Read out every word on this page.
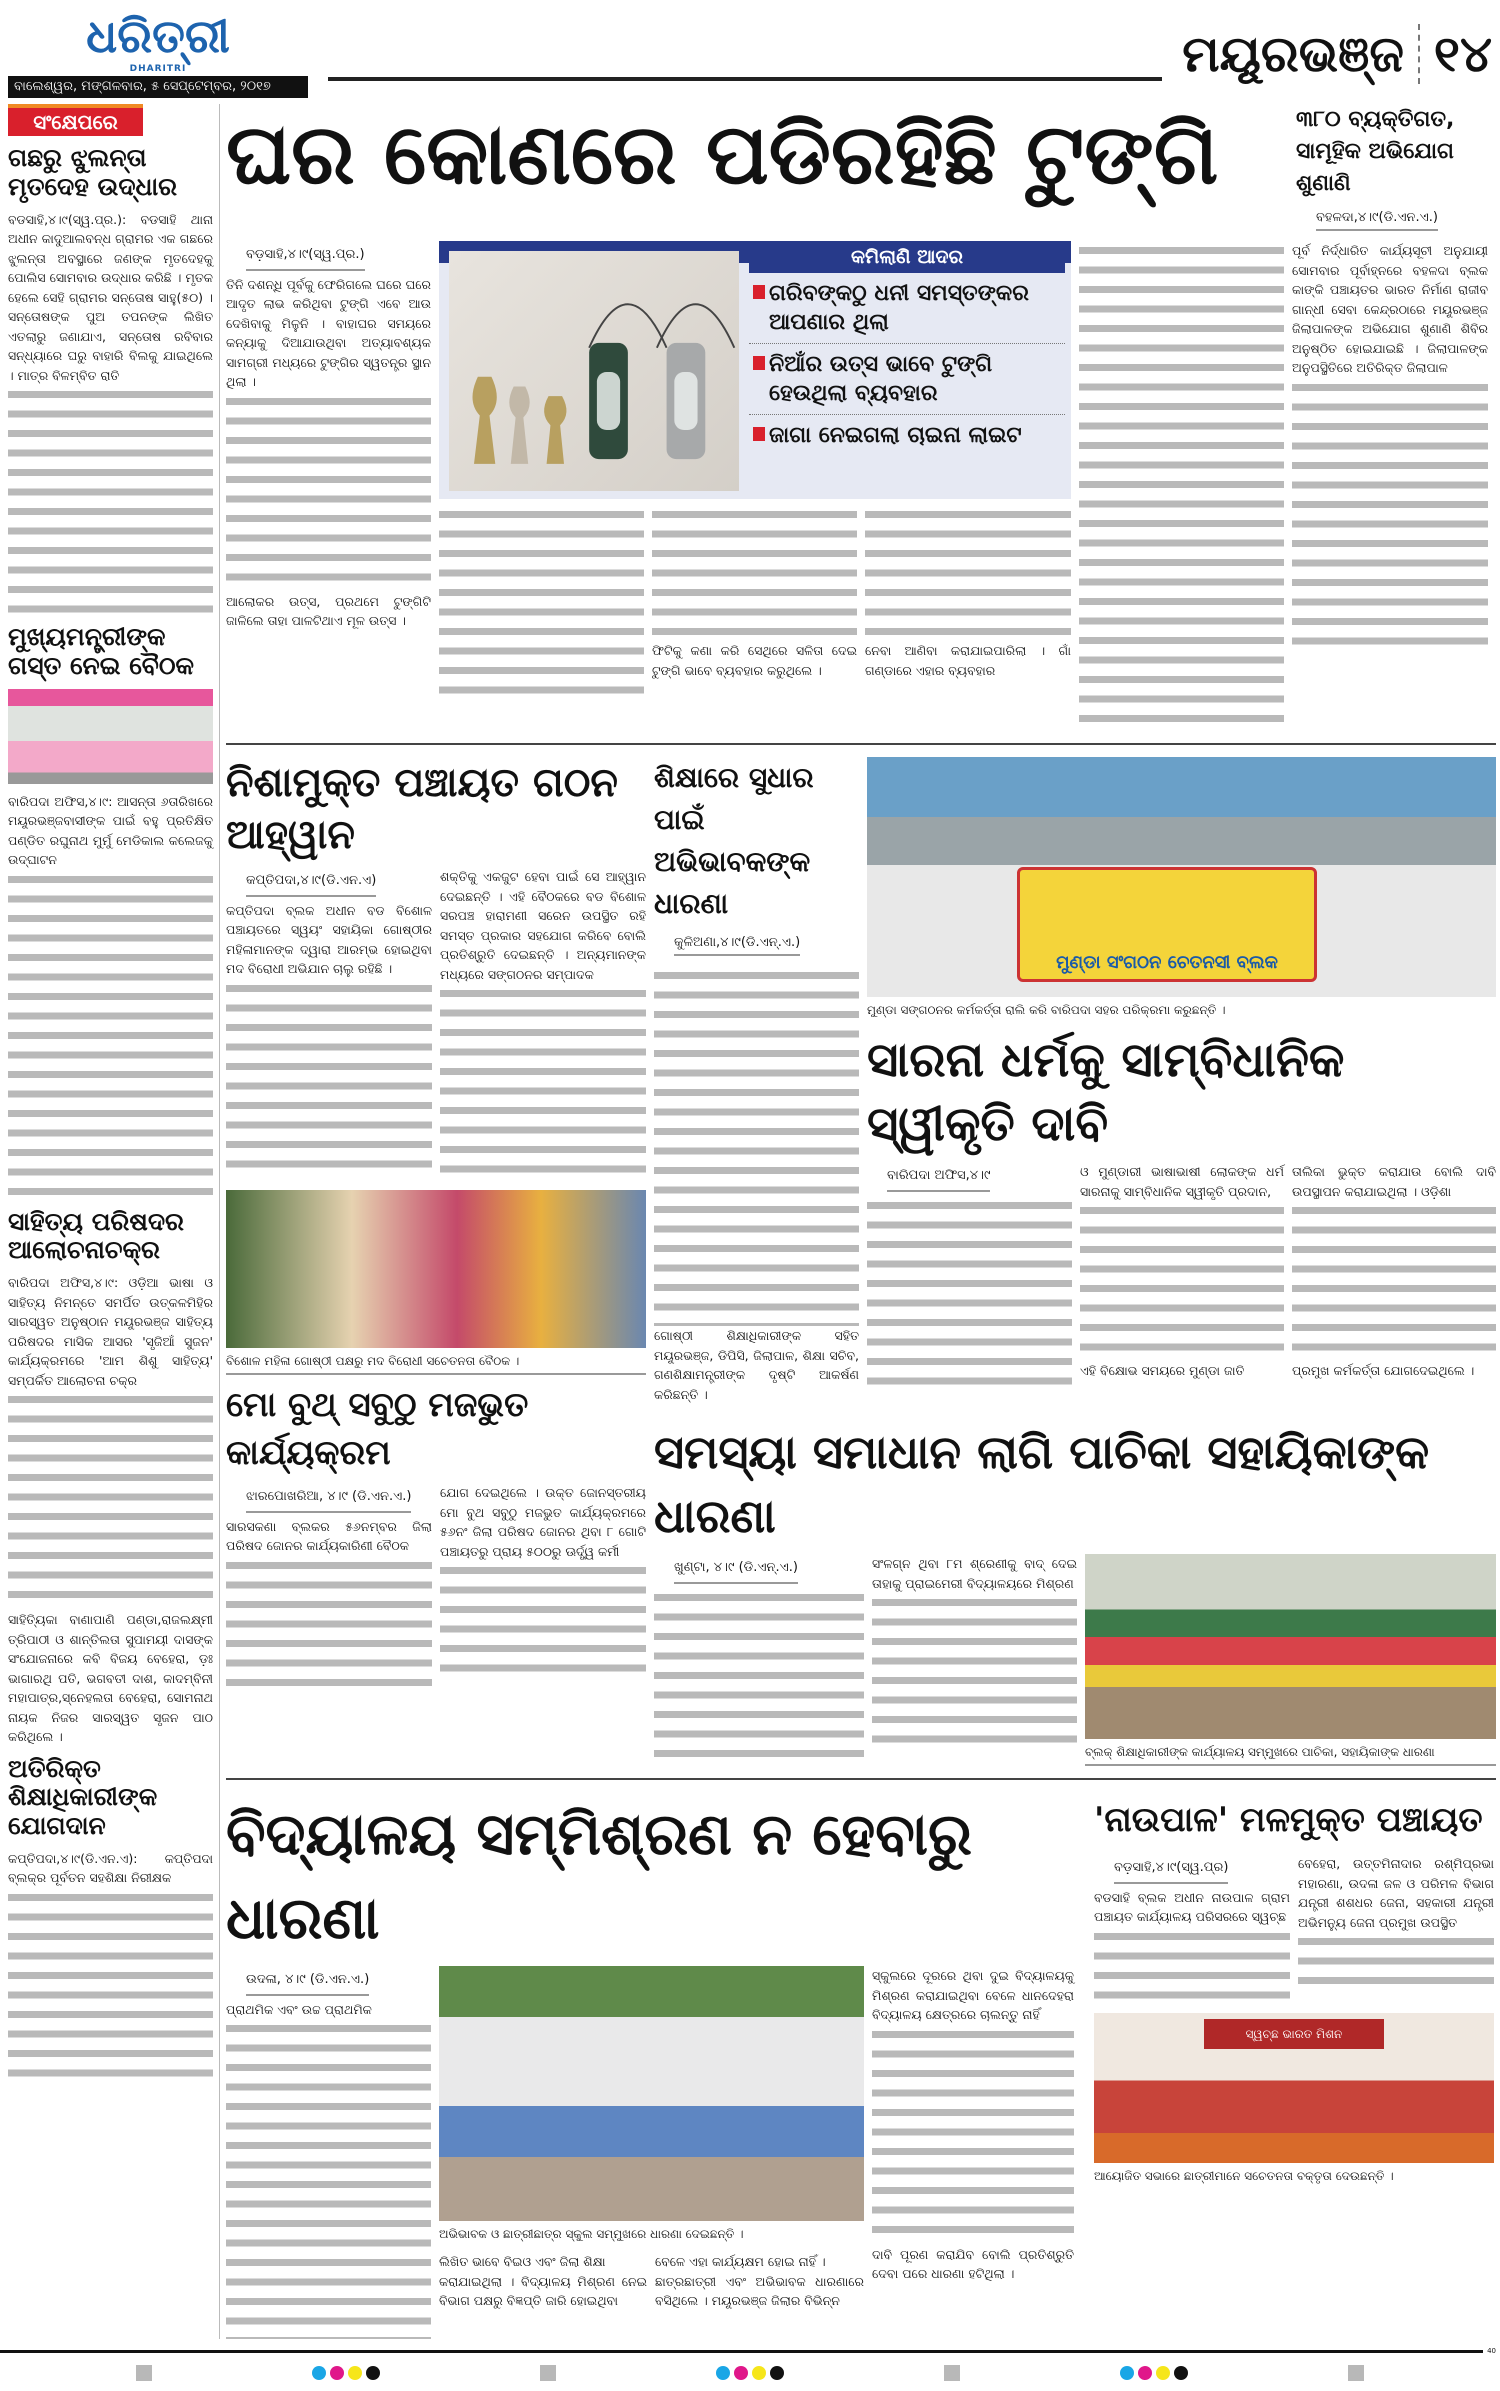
ଧରିତ୍ରୀ
DHARITRI
ବାଲେଶ୍ୱର, ମଙ୍ଗଳବାର, ୫ ସେପ୍ଟେମ୍ବର, ୨୦୧୭
ମୟୂରଭଞ୍ଜ ୧୪
ସଂକ୍ଷେପରେ
ଗଛରୁ ଝୁଲନ୍ତା ମୃତଦେହ ଉଦ୍ଧାର
ବଡସାହି,୪।୯(ସ୍ୱ.ପ୍ର.): ବଡସାହି ଥାନା ଅଧୀନ କାଦୁଆଲବନ୍ଧ ଗ୍ରାମର ଏକ ଗଛରେ ଝୁଲନ୍ତା ଅବସ୍ଥାରେ ଜଣଙ୍କ ମୃତଦେହକୁ ପୋଲିସ ସୋମବାର ଉଦ୍ଧାର କରିଛି । ମୃତକ ହେଲେ ସେହି ଗ୍ରାମର ସନ୍ତୋଷ ସାହୁ(୫୦) । ସନ୍ତୋଷଙ୍କ ପୁଅ ତପନଙ୍କ ଲିଖିତ ଏତଲାରୁ ଜଣାଯାଏ, ସନ୍ତୋଷ ରବିବାର ସନ୍ଧ୍ୟାରେ ଘରୁ ବାହାରି ବିଲକୁ ଯାଇଥିଲେ । ମାତ୍ର ବିଳମ୍ବିତ ରାତି
ମୁଖ୍ୟମନ୍ତ୍ରୀଙ୍କ ଗସ୍ତ ନେଇ ବୈଠକ
ବାରିପଦା ଅଫିସ,୪।୯: ଆସନ୍ତା ୬ତାରିଖରେ ମୟୂରଭଞ୍ଜବାସୀଙ୍କ ପାଇଁ ବହୁ ପ୍ରତିକ୍ଷିତ ପଣ୍ଡିତ ରଘୁନାଥ ମୁର୍ମୁ ମେଡିକାଲ କଲେଜକୁ ଉଦ୍‌ଘାଟନ
ସାହିତ୍ୟ ପରିଷଦର ଆଲୋଚନାଚକ୍ର
ବାରିପଦା ଅଫିସ,୪।୯: ଓଡ଼ିଆ ଭାଷା ଓ ସାହିତ୍ୟ ନିମନ୍ତେ ସମର୍ପିତ ଉତ୍କଳମିହିର ସାରସ୍ୱତ ଅନୁଷ୍ଠାନ ମୟୂରଭଞ୍ଜ ସାହିତ୍ୟ ପରିଷଦର ମାସିକ ଆସର 'ସୃଜିଆଁ ସୁଜନ' କାର୍ଯ୍ୟକ୍ରମରେ 'ଆମ ଶିଶୁ ସାହିତ୍ୟ' ସମ୍ପର୍କିତ ଆଲୋଚନା ଚକ୍ର
ସାହିତ୍ୟିକା ବାଣାପାଣି ପଣ୍ଡା,ରାଜଲକ୍ଷ୍ମୀ ତ୍ରିପାଠୀ ଓ ଶାନ୍ତିଲତା ସୁପାମୟୀ ଦାସଙ୍କ ସଂଯୋଜନାରେ କବି ବିଜୟ ବେହେରା, ଡ଼ଃ ଭାଗାରଥି ପତି, ଭଗବତୀ ଦାଶ, କାଦମ୍ବିନୀ ମହାପାତ୍ର,ସ୍ନେହଲତା ବେହେରା, ସୋମନାଥ ନାୟକ ନିଜର ସାରସ୍ୱତ ସୃଜନ ପାଠ କରିଥିଲେ ।
ଅତିରିକ୍ତ ଶିକ୍ଷାଧିକାରୀଙ୍କ ଯୋଗଦାନ
କପ୍ତିପଦା,୪।୯(ଡି.ଏନ.ଏ): କପ୍ତିପଦା ବ୍ଲକ୍‌ର ପୂର୍ବତନ ସହଶିକ୍ଷା ନିରୀକ୍ଷକ
ଘର କୋଣରେ ପଡିରହିଛି ଟୁଙ୍ଗି	୩୮୦ ବ୍ୟକ୍ତିଗତ, ସାମୂହିକ ଅଭିଯୋଗ ଶୁଣାଣି
ବହଳଦା,୪।୯(ଡି.ଏନ.ଏ.)
ବଡ଼ସାହି,୪।୯(ସ୍ୱ.ପ୍ର.)
ତିନି ଦଶନ୍ଧି ପୂର୍ବକୁ ଫେରିଗଲେ ଘରେ ଘରେ ଆଦୃତ ଲାଭ କରିଥିବା ଟୁଙ୍ଗି ଏବେ ଆଉ ଦେଖିବାକୁ ମିଳୁନି । ବାହାଘର ସମୟରେ କନ୍ୟାକୁ ଦିଆଯାଉଥିବା ଅତ୍ୟାବଶ୍ୟକ ସାମଗ୍ରୀ ମଧ୍ୟରେ ଟୁଙ୍ଗିର ସ୍ୱତନ୍ତ୍ର ସ୍ଥାନ ଥିଲା ।
ଆଲୋକର ଉତ୍ସ, ପ୍ରଥମେ ଟୁଙ୍ଗିଟି ଜାଳିଲେ ତାହା ପାଳଟିଥାଏ ମୂଳ ଉତ୍ସ ।
କମିଲାଣି ଆଦର
ଗରିବଙ୍କଠୁ ଧନୀ ସମସ୍ତଙ୍କର ଆପଣାର ଥିଲା
ନିଆଁର ଉତ୍ସ ଭାବେ ଟୁଙ୍ଗି ହେଉଥିଲା ବ୍ୟବହାର
ଜାଗା ନେଇଗଲା ଚାଇନା ଲାଇଟ
ଫିଟିକୁ କଣା କରି ସେଥିରେ ସଳିତା ଦେଇ ଟୁଙ୍ଗି ଭାବେ ବ୍ୟବହାର କରୁଥିଲେ ।
ନେବା ଆଣିବା କରାଯାଇପାରିଲା । ଗାଁ ଗଣ୍ଡାରେ ଏହାର ବ୍ୟବହାର
ପୂର୍ବ ନିର୍ଦ୍ଧାରିତ କାର୍ଯ୍ୟସୂଚୀ ଅନୁଯାୟୀ ସୋମବାର ପୂର୍ବାହ୍ନରେ ବହଳଦା ବ୍ଲକ କାଙ୍କି ପଞ୍ଚାୟତର ଭାରତ ନିର୍ମାଣ ରାଜୀବ ଗାନ୍ଧୀ ସେବା କେନ୍ଦ୍ରଠାରେ ମୟୂରଭଞ୍ଜ ଜିଲାପାଳଙ୍କ ଅଭିଯୋଗ ଶୁଣାଣି ଶିବିର ଅନୁଷ୍ଠିତ ହୋଇଯାଇଛି । ଜିଲାପାଳଙ୍କ ଅନୁପସ୍ଥିତିରେ ଅତିରିକ୍ତ ଜିଲାପାଳ
ନିଶାମୁକ୍ତ ପଞ୍ଚାୟତ ଗଠନ ଆହ୍ୱାନ
କପ୍ତିପଦା,୪।୯(ଡି.ଏନ.ଏ)
କପ୍ତିପଦା ବ୍ଲକ ଅଧୀନ ବଡ ବିଶୋଳ ପଞ୍ଚାୟତରେ ସ୍ୱୟଂ ସହାୟିକା ଗୋଷ୍ଠୀର ମହିଳାମାନଙ୍କ ଦ୍ୱାରା ଆରମ୍ଭ ହୋଇଥିବା ମଦ ବିରୋଧୀ ଅଭିଯାନ ଚାଲୁ ରହିଛି ।
ଶକ୍ତିକୁ ଏକଜୁଟ ହେବା ପାଇଁ ସେ ଆହ୍ୱାନ ଦେଇଛନ୍ତି । ଏହି ବୈଠକରେ ବଡ ବିଶୋଳ ସରପଞ୍ଚ ହାରାମଣୀ ସରେନ ଉପସ୍ଥିତ ରହି ସମସ୍ତ ପ୍ରକାର ସହଯୋଗ କରିବେ ବୋଲି ପ୍ରତିଶ୍ରୁତି ଦେଇଛନ୍ତି । ଅନ୍ୟମାନଙ୍କ ମଧ୍ୟରେ ସଙ୍ଗଠନର ସମ୍ପାଦକ
ବିଶୋଳ ମହିଳା ଗୋଷ୍ଠୀ ପକ୍ଷରୁ ମଦ ବିରୋଧୀ ସଚେତନତା ବୈଠକ ।
ମୋ ବୁଥ୍ ସବୁଠୁ ମଜଭୁତ କାର୍ଯ୍ୟକ୍ରମ
ଝାରପୋଖରିଆ, ୪।୯ (ଡି.ଏନ.ଏ.)
ସାରସକଣା ବ୍ଲକର ୫୬ନମ୍ବର ଜିଲା ପରିଷଦ ଜୋନର କାର୍ଯ୍ୟକାରିଣୀ ବୈଠକ
ଯୋଗ ଦେଇଥିଲେ । ଉକ୍ତ ଜୋନସ୍ତରୀୟ ମୋ ବୁଥ ସବୁଠୁ ମଜଭୁତ କାର୍ଯ୍ୟକ୍ରମରେ ୫୬ନଂ ଜିଲା ପରିଷଦ ଜୋନର ଥିବା ୮ ଗୋଟି ପଞ୍ଚାୟତରୁ ପ୍ରାୟ ୫୦୦ରୁ ଊର୍ଦ୍ଧ୍ୱ କର୍ମୀ
ଶିକ୍ଷାରେ ସୁଧାର ପାଇଁ ଅଭିଭାବକଙ୍କ ଧାରଣା
କୁଳିଅଣା,୪।୯(ଡି.ଏନ୍.ଏ.)
ଗୋଷ୍ଠୀ ଶିକ୍ଷାଧିକାରୀଙ୍କ ସହିତ ମୟୂରଭଞ୍ଜ, ଡିପିସି, ଜିଲାପାଳ, ଶିକ୍ଷା ସଚିବ, ଗଣଶିକ୍ଷାମନ୍ତ୍ରୀଙ୍କ ଦୃଷ୍ଟି ଆକର୍ଷଣ କରିଛନ୍ତି ।
ମୁଣ୍ଡା ସଂଗଠନ ଚେତନସୀ ବ୍ଲକ
ମୁଣ୍ଡା ସଙ୍ଗଠନର କର୍ମକର୍ତ୍ତା ରାଲି କରି ବାରିପଦା ସହର ପରିକ୍ରମା କରୁଛନ୍ତି ।
ସାରନା ଧର୍ମକୁ ସାମ୍ବିଧାନିକ ସ୍ୱୀକୃତି ଦାବି
ବାରିପଦା ଅଫିସ,୪।୯	ଓ ମୁଣ୍ଡାରୀ ଭାଷାଭାଷୀ ଲୋକଙ୍କ ଧର୍ମ ସାରନାକୁ ସାମ୍ବିଧାନିକ ସ୍ୱୀକୃତି ପ୍ରଦାନ,
ଏହି ବିକ୍ଷୋଭ ସମୟରେ ମୁଣ୍ଡା ଜାତି
ତାଲିକା ଭୁକ୍ତ କରାଯାଉ ବୋଲି ଦାବି ଉପସ୍ଥାପନ କରାଯାଇଥିଲା । ଓଡ଼ିଶା
ପ୍ରମୁଖ କର୍ମକର୍ତ୍ତା ଯୋଗଦେଇଥିଲେ ।
ସମସ୍ୟା ସମାଧାନ ଲାଗି ପାଚିକା ସହାୟିକାଙ୍କ ଧାରଣା
ଖୁଣ୍ଟା, ୪।୯ (ଡି.ଏନ୍.ଏ.)	ସଂଳଗ୍ନ ଥିବା ୮ମ ଶ୍ରେଣୀକୁ ବାଦ୍ ଦେଇ ତାହାକୁ ପ୍ରାଇମେରୀ ବିଦ୍ୟାଳୟରେ ମିଶ୍ରଣ
ବ୍ଲକ୍ ଶିକ୍ଷାଧିକାରୀଙ୍କ କାର୍ଯ୍ୟାଳୟ ସମ୍ମୁଖରେ ପାଚିକା, ସହାୟିକାଙ୍କ ଧାରଣା
ବିଦ୍ୟାଳୟ ସମ୍ମିଶ୍ରଣ ନ ହେବାରୁ ଧାରଣା
ଉଦଳା, ୪।୯ (ଡି.ଏନ.ଏ.)
ପ୍ରାଥମିକ ଏବଂ ଉଚ୍ଚ ପ୍ରାଥମିକ
ଅଭିଭାବକ ଓ ଛାତ୍ରୀଛାତ୍ର ସ୍କୁଲ ସମ୍ମୁଖରେ ଧାରଣା ଦେଇଛନ୍ତି ।
ଲିଖିତ ଭାବେ ବିଇଓ ଏବଂ ଜିଲା ଶିକ୍ଷା
କରାଯାଇଥିଲା । ବିଦ୍ୟାଳୟ ମିଶ୍ରଣ ନେଇ ବିଭାଗ ପକ୍ଷରୁ ବିଜ୍ଞପ୍ତି ଜାରି ହୋଇଥିବା
ବେଳେ ଏହା କାର୍ଯ୍ୟକ୍ଷମ ହୋଇ ନାହିଁ ।
ଛାତ୍ରଛାତ୍ରୀ ଏବଂ ଅଭିଭାବକ ଧାରଣାରେ ବସିଥିଲେ । ମୟୂରଭଞ୍ଜ ଜିଲାର ବିଭିନ୍ନ
ସ୍କୁଲରେ ଦୂରରେ ଥିବା ଦୁଇ ବିଦ୍ୟାଳୟକୁ ମିଶ୍ରଣ କରାଯାଇଥିବା ବେଳେ ଧାନଦେହରା ବିଦ୍ୟାଳୟ କ୍ଷେତ୍ରରେ ଚାଲନ୍ତୁ ନାହିଁ
ଦାବି ପୂରଣ କରାଯିବ ବୋଲି ପ୍ରତିଶ୍ରୁତି ଦେବା ପରେ ଧାରଣା ହଟିଥିଲା ।
'ନାଉପାଳ' ମଳମୁକ୍ତ ପଞ୍ଚାୟତ
ବଡ଼ସାହି,୪।୯(ସ୍ୱ.ପ୍ର)
ବଡସାହି ବ୍ଲକ ଅଧୀନ ନାଉପାଳ ଗ୍ରାମ ପଞ୍ଚାୟତ କାର୍ଯ୍ୟାଳୟ ପରିସରରେ ସ୍ୱଚ୍ଛ
ବେହେରା, ଉତ୍ତମିନାଦାର ରଶ୍ମିପ୍ରଭା ମହାରଣା, ଉଦଳା ଜଳ ଓ ପରିମଳ ବିଭାଗ ଯନ୍ତ୍ରୀ ଶଶଧର ଜେନା, ସହକାରୀ ଯନ୍ତ୍ରୀ ଅଭିମନ୍ୟୁ ଜେନା ପ୍ରମୁଖ ଉପସ୍ଥିତ
ସ୍ୱଚ୍ଛ ଭାରତ ମିଶନ
ଆୟୋଜିତ ସଭାରେ ଛାତ୍ରୀମାନେ ସଚେତନତା ବକ୍ତୃତା ଦେଉଛନ୍ତି ।
40
